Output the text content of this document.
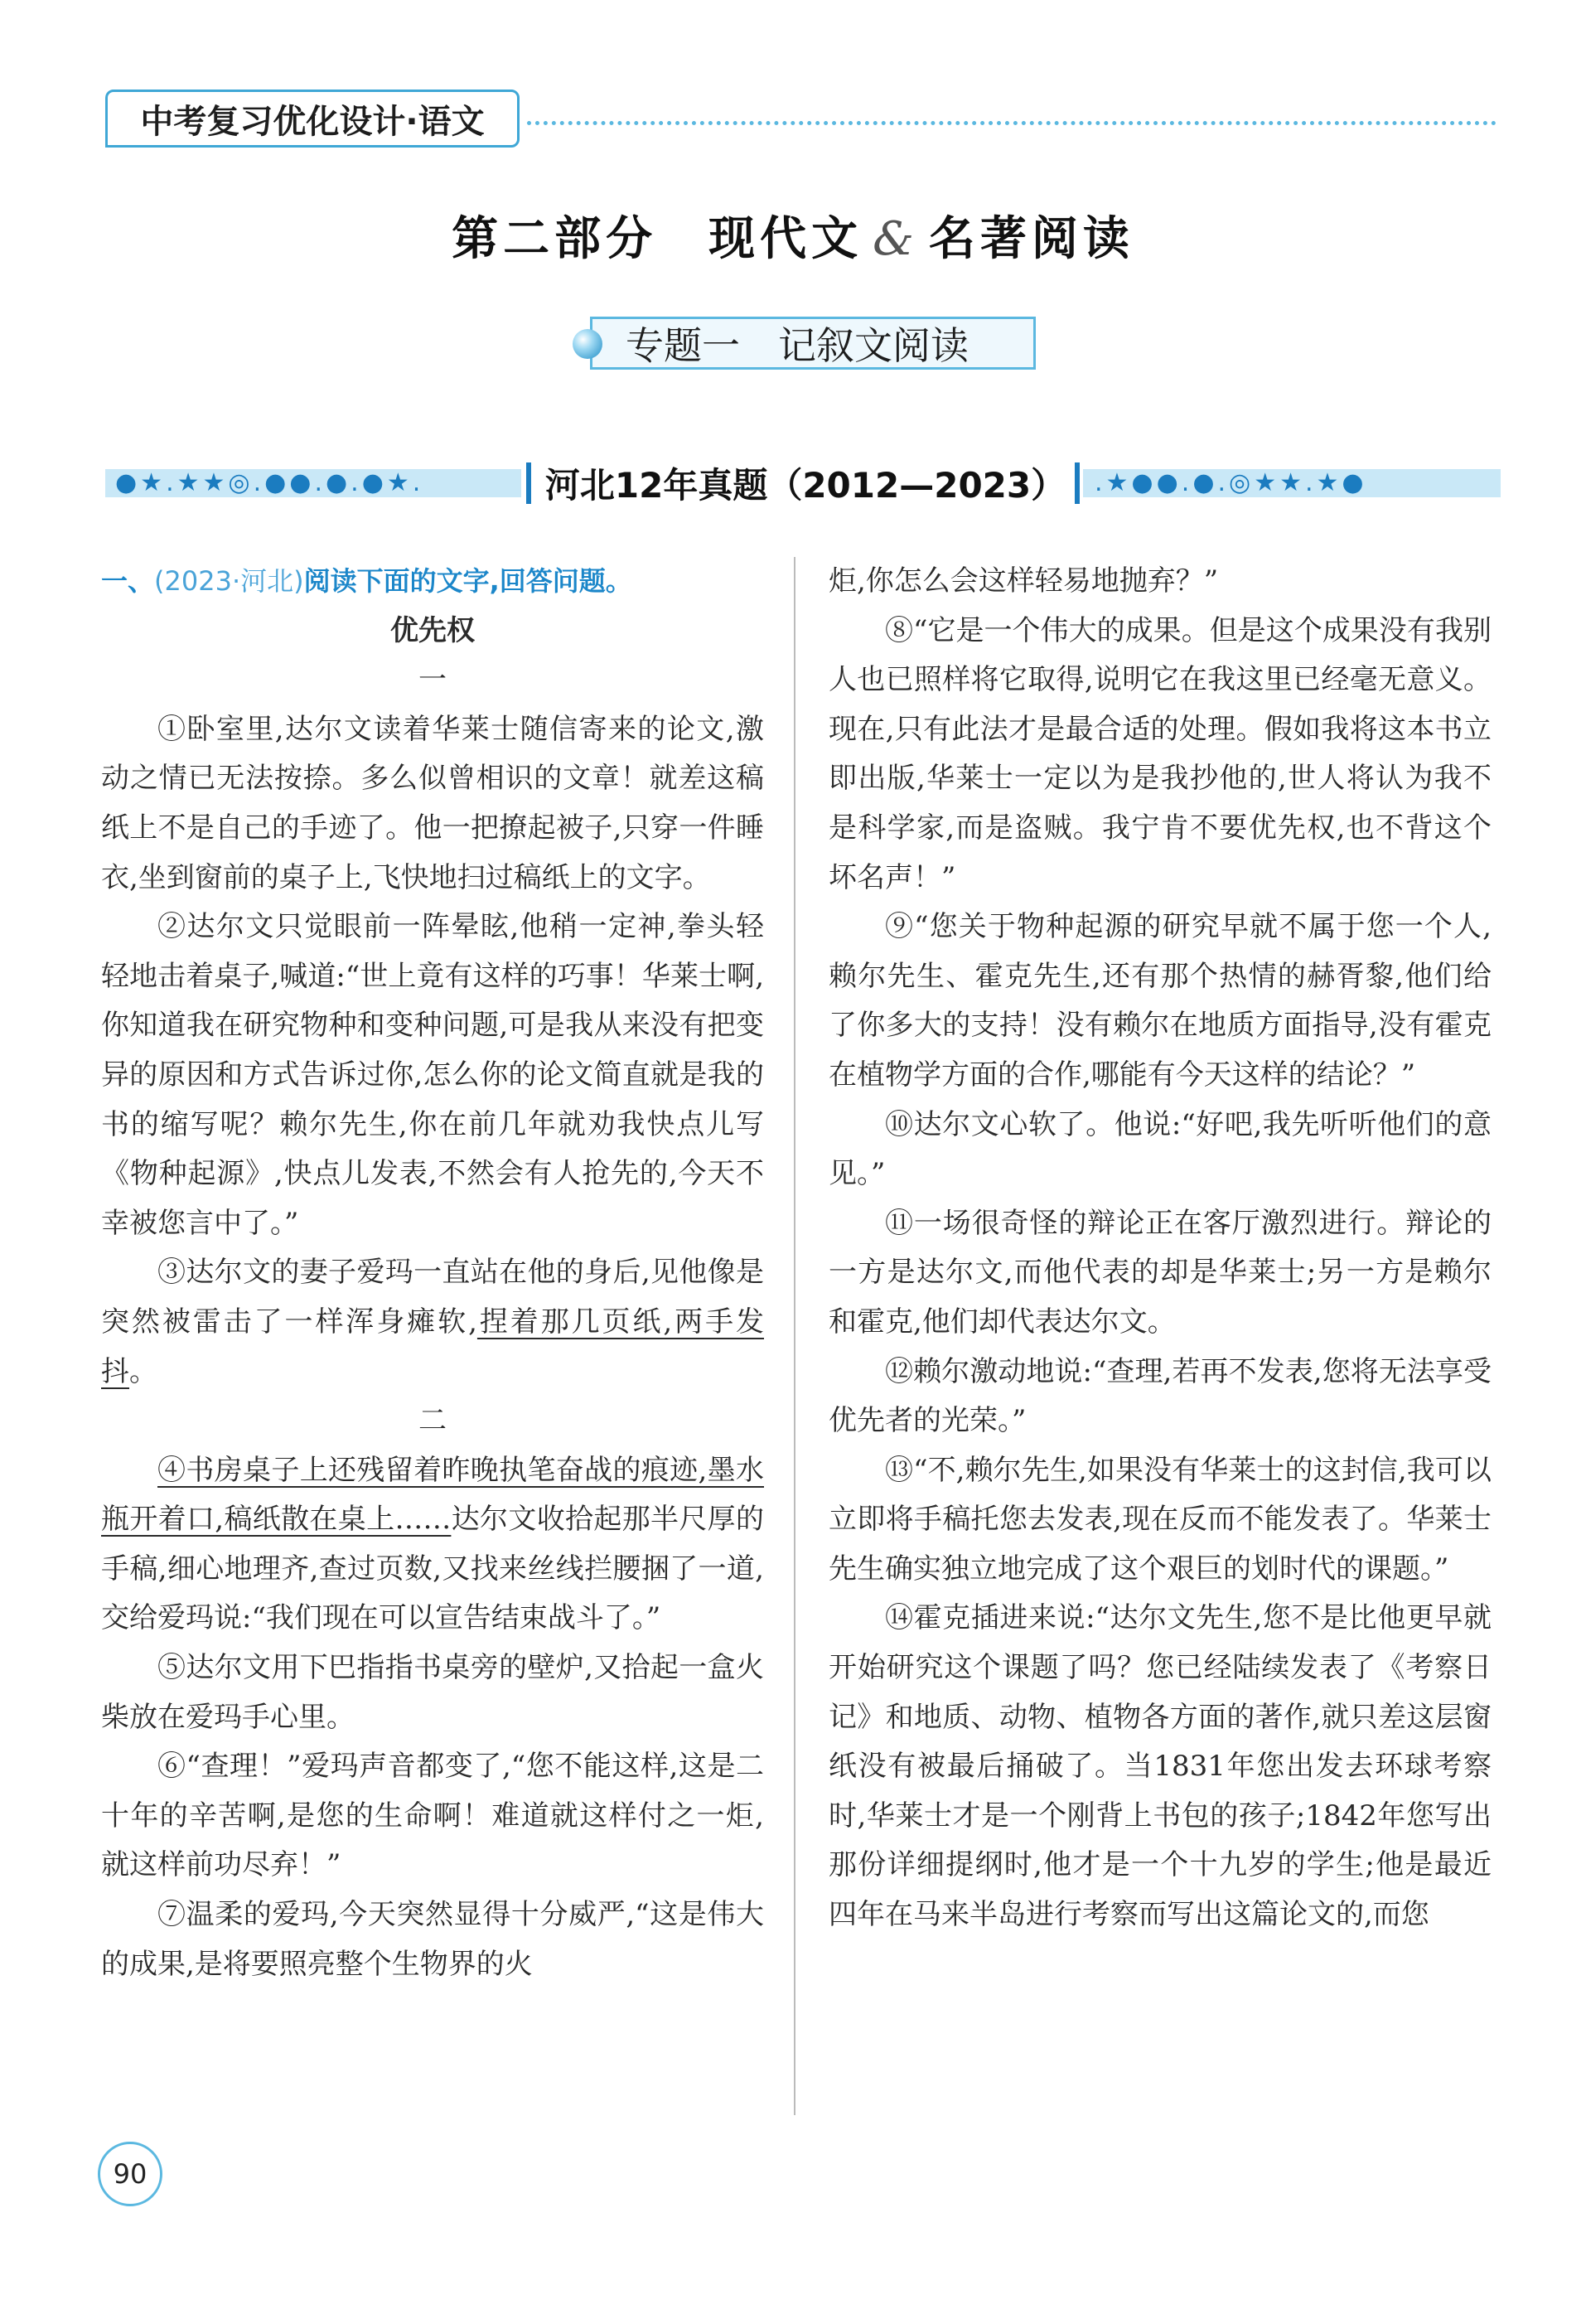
中考复习优化设计·语文
第二部分　现代文 & 名著阅读
专题一　记叙文阅读
●★.★★◎.●●.●.●★.	河北12年真题（2012—2023）	.★●●.●.◎★★.★●
一、(2023·河北)阅读下面的文字,回答问题。
优先权
一

①卧室里,达尔文读着华莱士随信寄来的论文,激动之情已无法按捺。多么似曾相识的文章！就差这稿纸上不是自己的手迹了。他一把撩起被子,只穿一件睡衣,坐到窗前的桌子上,飞快地扫过稿纸上的文字。

②达尔文只觉眼前一阵晕眩,他稍一定神,拳头轻轻地击着桌子,喊道:“世上竟有这样的巧事！华莱士啊,你知道我在研究物种和变种问题,可是我从来没有把变异的原因和方式告诉过你,怎么你的论文简直就是我的书的缩写呢？赖尔先生,你在前几年就劝我快点儿写《物种起源》,快点儿发表,不然会有人抢先的,今天不幸被您言中了。”

③达尔文的妻子爱玛一直站在他的身后,见他像是突然被雷击了一样浑身瘫软,捏着那几页纸,两手发抖。

二

④书房桌子上还残留着昨晚执笔奋战的痕迹,墨水瓶开着口,稿纸散在桌上……达尔文收拾起那半尺厚的手稿,细心地理齐,查过页数,又找来丝线拦腰捆了一道,交给爱玛说:“我们现在可以宣告结束战斗了。”

⑤达尔文用下巴指指书桌旁的壁炉,又拾起一盒火柴放在爱玛手心里。

⑥“查理！”爱玛声音都变了,“您不能这样,这是二十年的辛苦啊,是您的生命啊！难道就这样付之一炬,就这样前功尽弃！”

⑦温柔的爱玛,今天突然显得十分威严,“这是伟大的成果,是将要照亮整个生物界的火

炬,你怎么会这样轻易地抛弃？”

⑧“它是一个伟大的成果。但是这个成果没有我别人也已照样将它取得,说明它在我这里已经毫无意义。现在,只有此法才是最合适的处理。假如我将这本书立即出版,华莱士一定以为是我抄他的,世人将认为我不是科学家,而是盗贼。我宁肯不要优先权,也不背这个坏名声！”

⑨“您关于物种起源的研究早就不属于您一个人,赖尔先生、霍克先生,还有那个热情的赫胥黎,他们给了你多大的支持！没有赖尔在地质方面指导,没有霍克在植物学方面的合作,哪能有今天这样的结论？”

⑩达尔文心软了。他说:“好吧,我先听听他们的意见。”

⑪一场很奇怪的辩论正在客厅激烈进行。辩论的一方是达尔文,而他代表的却是华莱士;另一方是赖尔和霍克,他们却代表达尔文。

⑫赖尔激动地说:“查理,若再不发表,您将无法享受优先者的光荣。”

⑬“不,赖尔先生,如果没有华莱士的这封信,我可以立即将手稿托您去发表,现在反而不能发表了。华莱士先生确实独立地完成了这个艰巨的划时代的课题。”

⑭霍克插进来说:“达尔文先生,您不是比他更早就开始研究这个课题了吗？您已经陆续发表了《考察日记》和地质、动物、植物各方面的著作,就只差这层窗纸没有被最后捅破了。当1831年您出发去环球考察时,华莱士才是一个刚背上书包的孩子;1842年您写出那份详细提纲时,他才是一个十九岁的学生;他是最近四年在马来半岛进行考察而写出这篇论文的,而您

90
